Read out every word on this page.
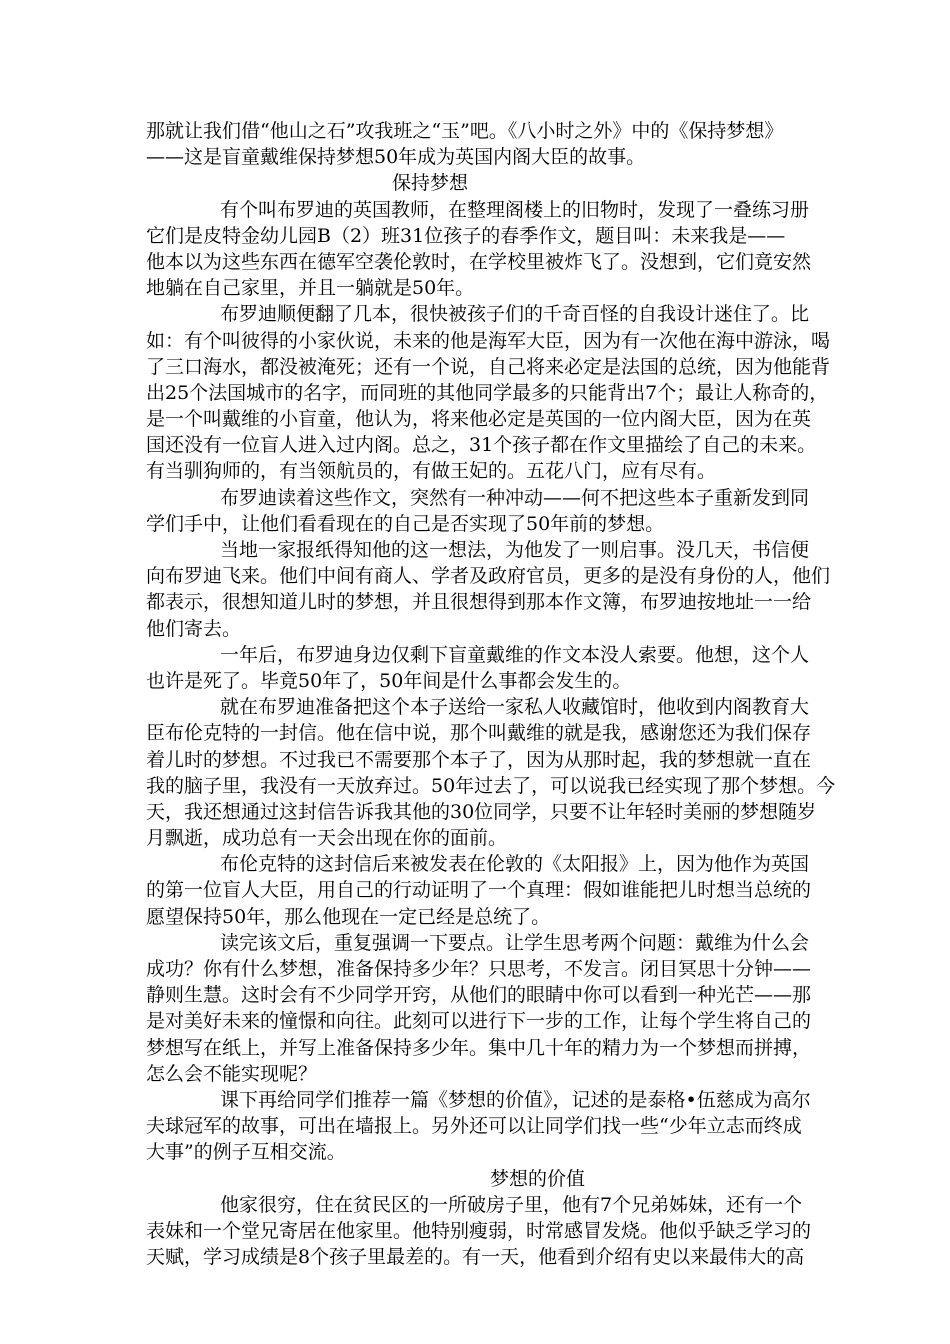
那就让我们借“他山之石”攻我班之“玉”吧。《八小时之外》中的《保持梦想》
——这是盲童戴维保持梦想50年成为英国内阁大臣的故事。
保持梦想
有个叫布罗迪的英国教师，在整理阁楼上的旧物时，发现了一叠练习册
它们是皮特金幼儿园B（2）班31位孩子的春季作文，题目叫：未来我是——
他本以为这些东西在德军空袭伦敦时，在学校里被炸飞了。没想到，它们竟安然
地躺在自己家里，并且一躺就是50年。
布罗迪顺便翻了几本，很快被孩子们的千奇百怪的自我设计迷住了。比
如：有个叫彼得的小家伙说，未来的他是海军大臣，因为有一次他在海中游泳，喝
了三口海水，都没被淹死；还有一个说，自己将来必定是法国的总统，因为他能背
出25个法国城市的名字，而同班的其他同学最多的只能背出7个；最让人称奇的，
是一个叫戴维的小盲童，他认为，将来他必定是英国的一位内阁大臣，因为在英
国还没有一位盲人进入过内阁。总之，31个孩子都在作文里描绘了自己的未来。
有当驯狗师的，有当领航员的，有做王妃的。五花八门，应有尽有。
布罗迪读着这些作文，突然有一种冲动——何不把这些本子重新发到同
学们手中，让他们看看现在的自己是否实现了50年前的梦想。
当地一家报纸得知他的这一想法，为他发了一则启事。没几天，书信便
向布罗迪飞来。他们中间有商人、学者及政府官员，更多的是没有身份的人，他们
都表示，很想知道儿时的梦想，并且很想得到那本作文簿，布罗迪按地址一一给
他们寄去。
一年后，布罗迪身边仅剩下盲童戴维的作文本没人索要。他想，这个人
也许是死了。毕竟50年了，50年间是什么事都会发生的。
就在布罗迪准备把这个本子送给一家私人收藏馆时，他收到内阁教育大
臣布伦克特的一封信。他在信中说，那个叫戴维的就是我，感谢您还为我们保存
着儿时的梦想。不过我已不需要那个本子了，因为从那时起，我的梦想就一直在
我的脑子里，我没有一天放弃过。50年过去了，可以说我已经实现了那个梦想。今
天，我还想通过这封信告诉我其他的30位同学，只要不让年轻时美丽的梦想随岁
月飘逝，成功总有一天会出现在你的面前。
布伦克特的这封信后来被发表在伦敦的《太阳报》上，因为他作为英国
的第一位盲人大臣，用自己的行动证明了一个真理：假如谁能把儿时想当总统的
愿望保持50年，那么他现在一定已经是总统了。
读完该文后，重复强调一下要点。让学生思考两个问题：戴维为什么会
成功？你有什么梦想，准备保持多少年？只思考，不发言。闭目冥思十分钟——
静则生慧。这时会有不少同学开窍，从他们的眼睛中你可以看到一种光芒——那
是对美好未来的憧憬和向往。此刻可以进行下一步的工作，让每个学生将自己的
梦想写在纸上，并写上准备保持多少年。集中几十年的精力为一个梦想而拼搏，
怎么会不能实现呢？
课下再给同学们推荐一篇《梦想的价值》，记述的是泰格•伍慈成为高尔
夫球冠军的故事，可出在墙报上。另外还可以让同学们找一些“少年立志而终成
大事”的例子互相交流。
梦想的价值
他家很穷，住在贫民区的一所破房子里，他有7个兄弟姊妹，还有一个
表妹和一个堂兄寄居在他家里。他特别瘦弱，时常感冒发烧。他似乎缺乏学习的
天赋，学习成绩是8个孩子里最差的。有一天，他看到介绍有史以来最伟大的高
